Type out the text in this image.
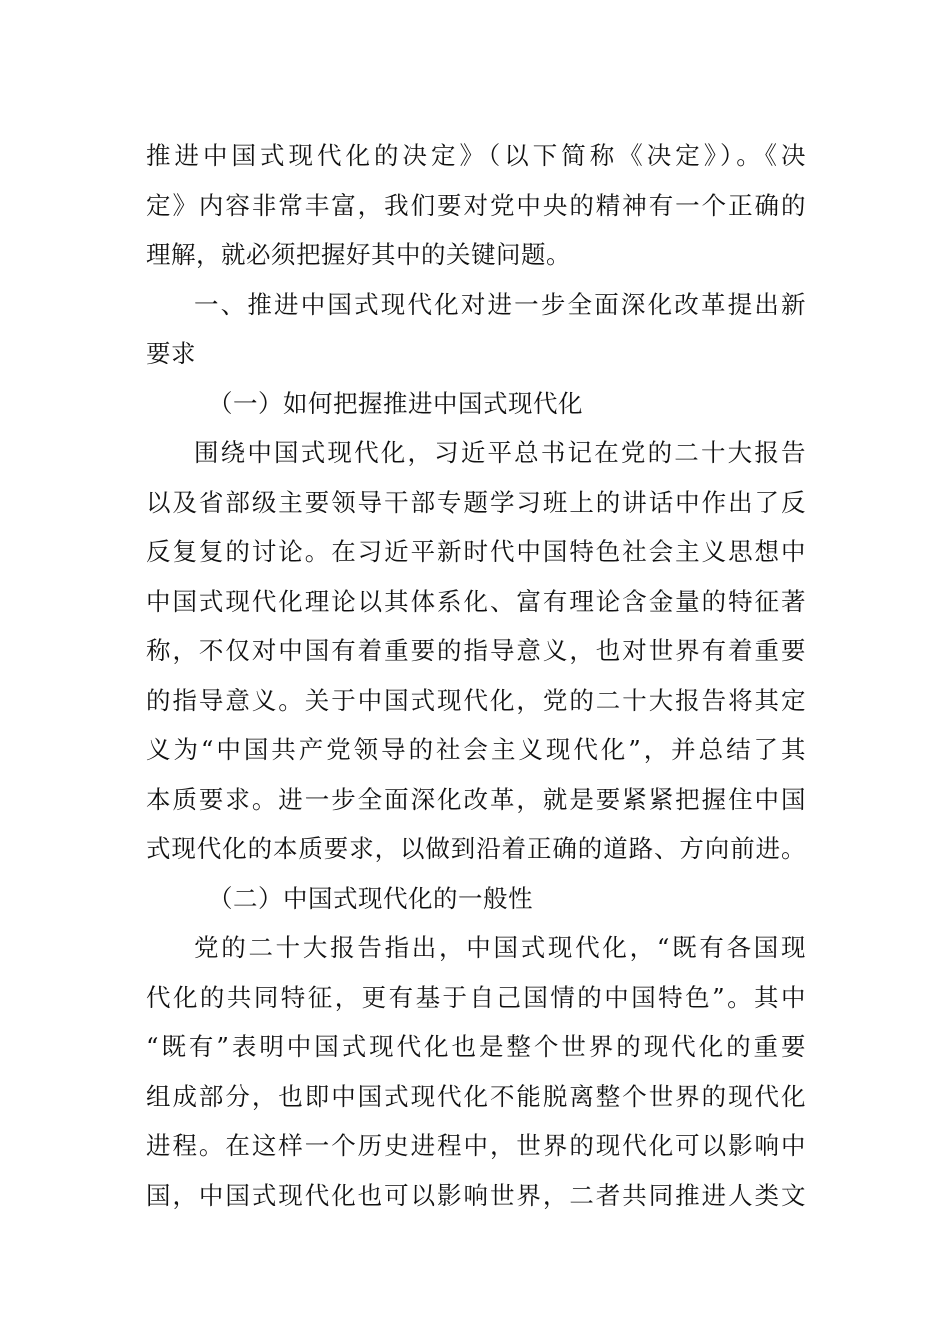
推进中国式现代化的决定》（以下简称《决定》）。《决
定》内容非常丰富，我们要对党中央的精神有一个正确的
理解，就必须把握好其中的关键问题。
一、推进中国式现代化对进一步全面深化改革提出新
要求
（一）如何把握推进中国式现代化
围绕中国式现代化，习近平总书记在党的二十大报告
以及省部级主要领导干部专题学习班上的讲话中作出了反
反复复的讨论。在习近平新时代中国特色社会主义思想中
中国式现代化理论以其体系化、富有理论含金量的特征著
称，不仅对中国有着重要的指导意义，也对世界有着重要
的指导意义。关于中国式现代化，党的二十大报告将其定
义为“中国共产党领导的社会主义现代化”，并总结了其
本质要求。进一步全面深化改革，就是要紧紧把握住中国
式现代化的本质要求，以做到沿着正确的道路、方向前进。
（二）中国式现代化的一般性
党的二十大报告指出，中国式现代化，“既有各国现
代化的共同特征，更有基于自己国情的中国特色”。其中
“既有”表明中国式现代化也是整个世界的现代化的重要
组成部分，也即中国式现代化不能脱离整个世界的现代化
进程。在这样一个历史进程中，世界的现代化可以影响中
国，中国式现代化也可以影响世界，二者共同推进人类文
